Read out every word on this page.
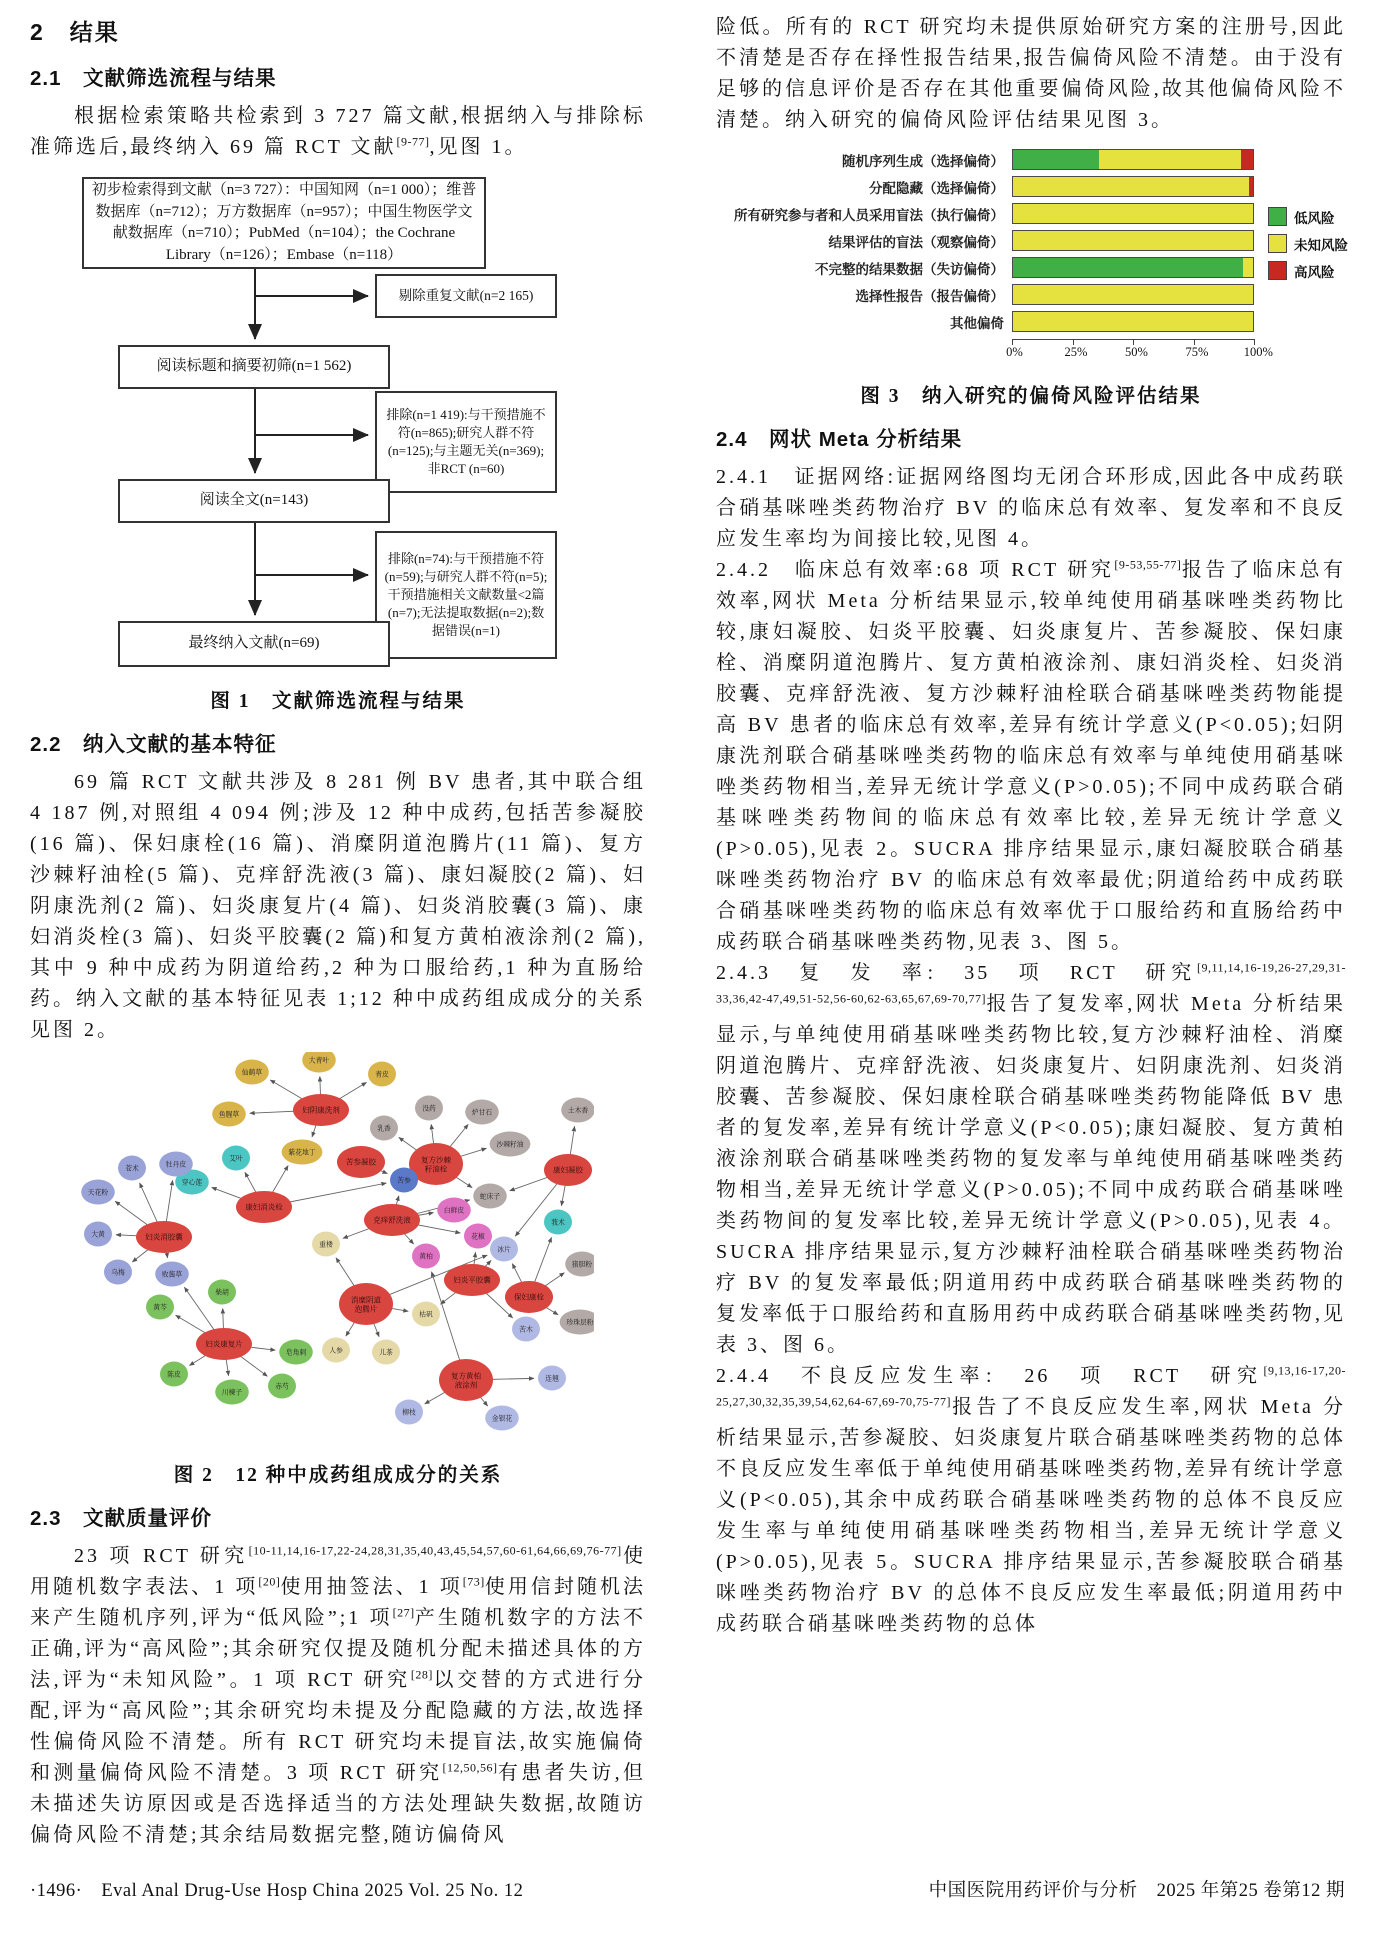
2　结果
2.1　文献筛选流程与结果

根据检索策略共检索到 3 727 篇文献,根据纳入与排除标准筛选后,最终纳入 69 篇 RCT 文献[9-77],见图 1。

初步检索得到文献（n=3 727）：中国知网（n=1 000）；维普数据库（n=712）；万方数据库（n=957）；中国生物医学文献数据库（n=710）；PubMed（n=104）；the Cochrane Library（n=126）；Embase（n=118）
剔除重复文献(n=2 165)
阅读标题和摘要初筛(n=1 562)
排除(n=1 419):与干预措施不符(n=865);研究人群不符(n=125);与主题无关(n=369);非RCT (n=60)
阅读全文(n=143)
排除(n=74):与干预措施不符(n=59);与研究人群不符(n=5);干预措施相关文献数量<2篇(n=7);无法提取数据(n=2);数据错误(n=1)
最终纳入文献(n=69)
图 1　文献筛选流程与结果
2.2　纳入文献的基本特征

69 篇 RCT 文献共涉及 8 281 例 BV 患者,其中联合组 4 187 例,对照组 4 094 例;涉及 12 种中成药,包括苦参凝胶(16 篇)、保妇康栓(16 篇)、消糜阴道泡腾片(11 篇)、复方沙棘籽油栓(5 篇)、克痒舒洗液(3 篇)、康妇凝胶(2 篇)、妇阴康洗剂(2 篇)、妇炎康复片(4 篇)、妇炎消胶囊(3 篇)、康妇消炎栓(3 篇)、妇炎平胶囊(2 篇)和复方黄柏液涂剂(2 篇),其中 9 种中成药为阴道给药,2 种为口服给药,1 种为直肠给药。纳入文献的基本特征见表 1;12 种中成药组成成分的关系见图 2。

妇阴康洗剂
苦参凝胶	复方沙棘籽油栓	康妇凝胶
保妇康栓
克痒舒洗液
康妇消炎栓
妇炎消胶囊
妇炎平胶囊
消糜阴道泡腾片
妇炎康复片
复方黄柏液涂剂
仙鹤草
大青叶
青皮
鱼腥草
紫花地丁
苦参
乳香
没药	炉甘石
沙棘籽油
蛇床子
土木香
莪术
艾叶
穿心莲
苍术	牡丹皮
天花粉
大黄
乌梅	败酱草
柴胡
黄芩
陈皮
川楝子
赤芍
皂角刺
重楼
枯矾
人参	儿茶
白鲜皮
花椒
黄柏
冰片
苦木
猪胆粉
珍珠层粉
连翘
金银花
柳枝
图 2　12 种中成药组成成分的关系
2.3　文献质量评价

23 项 RCT 研究[10-11,14,16-17,22-24,28,31,35,40,43,45,54,57,60-61,64,66,69,76-77]使用随机数字表法、1 项[20]使用抽签法、1 项[73]使用信封随机法来产生随机序列,评为“低风险”;1 项[27]产生随机数字的方法不正确,评为“高风险”;其余研究仅提及随机分配未描述具体的方法,评为“未知风险”。1 项 RCT 研究[28]以交替的方式进行分配,评为“高风险”;其余研究均未提及分配隐藏的方法,故选择性偏倚风险不清楚。所有 RCT 研究均未提盲法,故实施偏倚和测量偏倚风险不清楚。3 项 RCT 研究[12,50,56]有患者失访,但未描述失访原因或是否选择适当的方法处理缺失数据,故随访偏倚风险不清楚;其余结局数据完整,随访偏倚风

险低。所有的 RCT 研究均未提供原始研究方案的注册号,因此不清楚是否存在择性报告结果,报告偏倚风险不清楚。由于没有足够的信息评价是否存在其他重要偏倚风险,故其他偏倚风险不清楚。纳入研究的偏倚风险评估结果见图 3。

随机序列生成（选择偏倚）
分配隐藏（选择偏倚）
所有研究参与者和人员采用盲法（执行偏倚）
结果评估的盲法（观察偏倚）
不完整的结果数据（失访偏倚）
选择性报告（报告偏倚）
其他偏倚
0%	25%	50%	75%	100%
低风险
未知风险
高风险
图 3　纳入研究的偏倚风险评估结果
2.4　网状 Meta 分析结果

2.4.1　证据网络:证据网络图均无闭合环形成,因此各中成药联合硝基咪唑类药物治疗 BV 的临床总有效率、复发率和不良反应发生率均为间接比较,见图 4。

2.4.2　临床总有效率:68 项 RCT 研究[9-53,55-77]报告了临床总有效率,网状 Meta 分析结果显示,较单纯使用硝基咪唑类药物比较,康妇凝胶、妇炎平胶囊、妇炎康复片、苦参凝胶、保妇康栓、消糜阴道泡腾片、复方黄柏液涂剂、康妇消炎栓、妇炎消胶囊、克痒舒洗液、复方沙棘籽油栓联合硝基咪唑类药物能提高 BV 患者的临床总有效率,差异有统计学意义(P<0.05);妇阴康洗剂联合硝基咪唑类药物的临床总有效率与单纯使用硝基咪唑类药物相当,差异无统计学意义(P>0.05);不同中成药联合硝基咪唑类药物间的临床总有效率比较,差异无统计学意义(P>0.05),见表 2。SUCRA 排序结果显示,康妇凝胶联合硝基咪唑类药物治疗 BV 的临床总有效率最优;阴道给药中成药联合硝基咪唑类药物的临床总有效率优于口服给药和直肠给药中成药联合硝基咪唑类药物,见表 3、图 5。

2.4.3　复　发　率:　35　项　RCT　研究[9,11,14,16-19,26-27,29,31-33,36,42-47,49,51-52,56-60,62-63,65,67,69-70,77]报告了复发率,网状 Meta 分析结果显示,与单纯使用硝基咪唑类药物比较,复方沙棘籽油栓、消糜阴道泡腾片、克痒舒洗液、妇炎康复片、妇阴康洗剂、妇炎消胶囊、苦参凝胶、保妇康栓联合硝基咪唑类药物能降低 BV 患者的复发率,差异有统计学意义(P<0.05);康妇凝胶、复方黄柏液涂剂联合硝基咪唑类药物的复发率与单纯使用硝基咪唑类药物相当,差异无统计学意义(P>0.05);不同中成药联合硝基咪唑类药物间的复发率比较,差异无统计学意义(P>0.05),见表 4。SUCRA 排序结果显示,复方沙棘籽油栓联合硝基咪唑类药物治疗 BV 的复发率最低;阴道用药中成药联合硝基咪唑类药物的复发率低于口服给药和直肠用药中成药联合硝基咪唑类药物,见表 3、图 6。

2.4.4　不良反应发生率:　26　项　RCT　研究[9,13,16-17,20-25,27,30,32,35,39,54,62,64-67,69-70,75-77]报告了不良反应发生率,网状 Meta 分析结果显示,苦参凝胶、妇炎康复片联合硝基咪唑类药物的总体不良反应发生率低于单纯使用硝基咪唑类药物,差异有统计学意义(P<0.05),其余中成药联合硝基咪唑类药物的总体不良反应发生率与单纯使用硝基咪唑类药物相当,差异无统计学意义(P>0.05),见表 5。SUCRA 排序结果显示,苦参凝胶联合硝基咪唑类药物治疗 BV 的总体不良反应发生率最低;阴道用药中成药联合硝基咪唑类药物的总体

·1496·　Eval Anal Drug-Use Hosp China 2025 Vol. 25 No. 12	中国医院用药评价与分析　2025 年第25 卷第12 期
